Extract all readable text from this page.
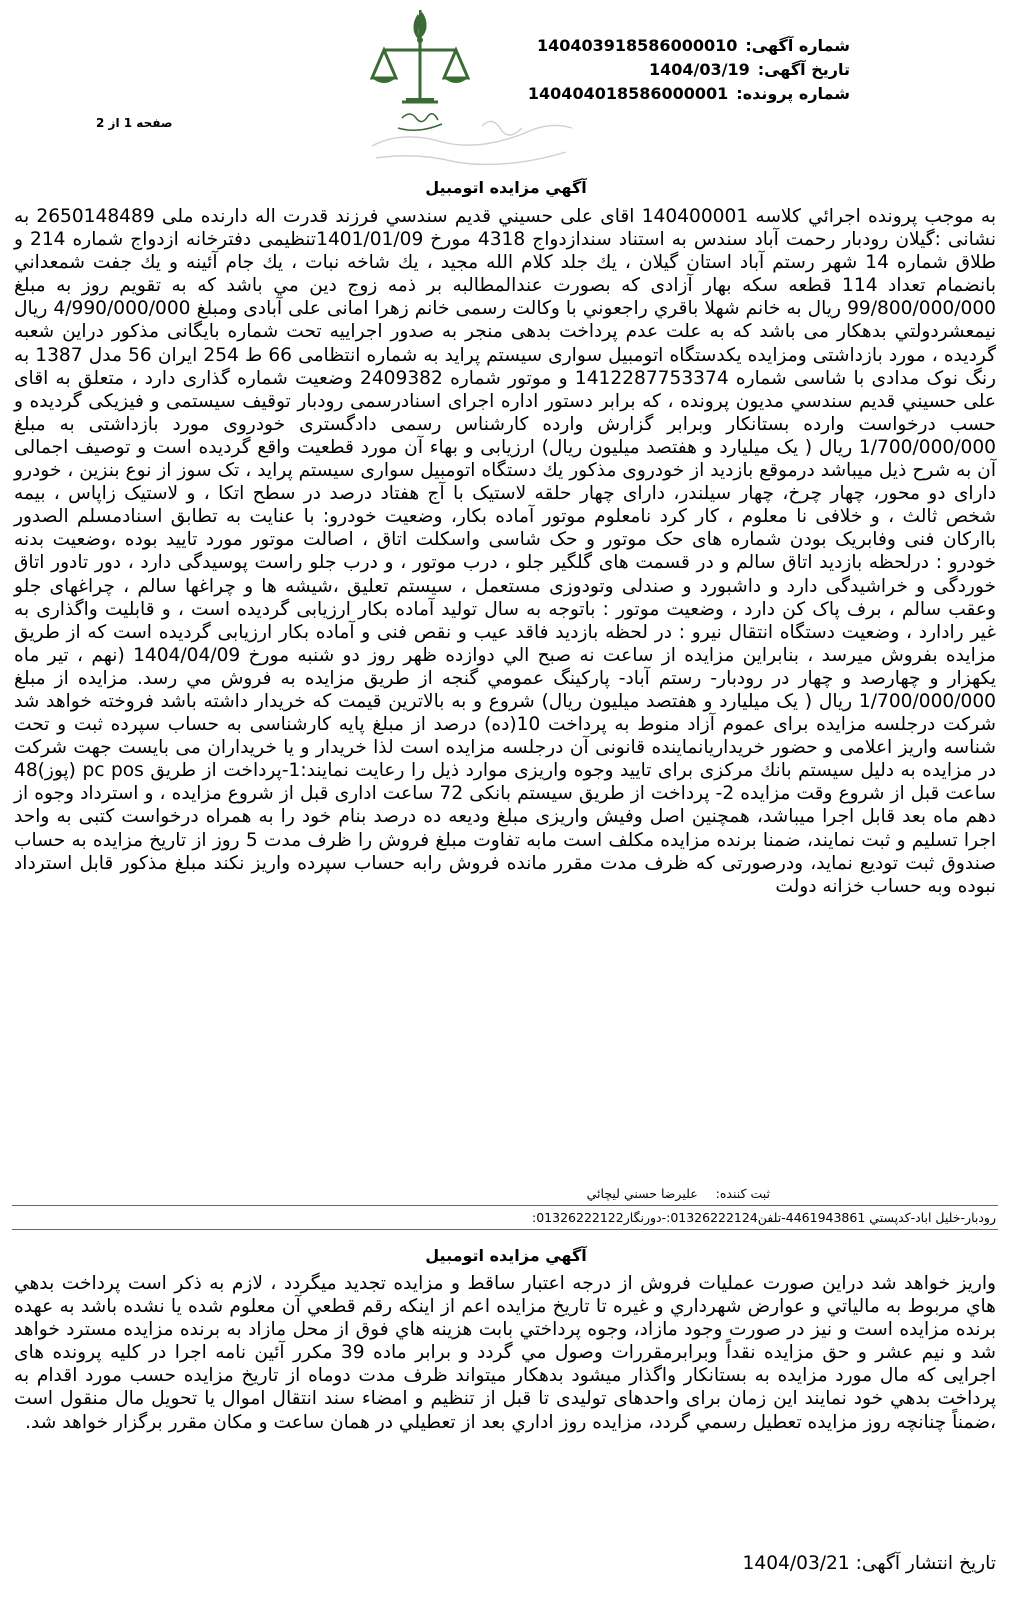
شماره آگهی:
140403918586000010
تاریخ آگهی:
1404/03/19
شماره پرونده:
140404018586000001
صفحه 1 از 2
آگهي مزايده اتومبيل
به موجب پرونده اجرائي كلاسه 140400001 اقاى على حسيني قديم سندسي فرزند قدرت اله دارنده ملی 2650148489 به نشانی :گیلان رودبار رحمت آباد سندس به استناد سندازدواج 4318 مورخ 1401/01/09تنظيمى دفترخانه ازدواج شماره 214 و طلاق شماره 14 شهر رستم آباد استان گيلان ، يك جلد كلام الله مجيد ، يك شاخه نبات ، يك جام آئينه و يك جفت شمعداني بانضمام تعداد 114 قطعه سكه بهار آزادى كه بصورت عندالمطالبه بر ذمه زوج دين مي باشد كه به تقويم روز به مبلغ 99/800/000/000 ريال به خانم شهلا باقري راجعوني با وكالت رسمى خانم زهرا امانى على آبادى ومبلغ 4/990/000/000 ريال نيمعشردولتي بدهكار مى باشد كه به علت عدم پرداخت بدهى منجر به صدور اجراييه تحت شماره بايگانى مذكور دراين شعبه گرديده ، مورد بازداشتی ومزايده يكدستگاه اتومبيل سوارى سيستم پرايد به شماره انتظامى 66 ط 254 ايران 56 مدل 1387 به رنگ نوک مدادی با شاسی شماره 1412287753374 و موتور شماره 2409382 وضعيت شماره گذارى دارد ، متعلق به اقاى على حسيني قديم سندسي مديون پرونده ، كه برابر دستور اداره اجراى اسنادرسمى رودبار توقيف سيستمى و فيزيكى گرديده و حسب درخواست وارده بستانكار وبرابر گزارش وارده كارشناس رسمى دادگسترى خودروى مورد بازداشتى به مبلغ 1/700/000/000 ريال ( يک ميليارد و هفتصد ميليون ريال) ارزيابى و بهاء آن مورد قطعيت واقع گرديده است و توصيف اجمالى آن به شرح ذيل ميباشد درموقع بازديد از خودروى مذكور يك دستگاه اتومبيل سوارى سيستم پرايد ، تک سوز از نوع بنزين ، خودرو دارای دو محور، چهار چرخ، چهار سيلندر، دارای چهار حلقه لاستيک با آج هفتاد درصد در سطح اتکا ، و لاستيک زاپاس ، بيمه شخص ثالث ، و خلافی نا معلوم ، کار کرد نامعلوم موتور آماده بكار، وضعيت خودرو: با عنايت به تطابق اسنادمسلم الصدور باارکان فنی وفابريک بودن شماره های حک موتور و حک شاسی واسکلت اتاق ، اصالت موتور مورد تاييد بوده ،وضعيت بدنه خودرو : درلحظه بازديد اتاق سالم و در قسمت های گلگير جلو ، درب موتور ، و درب جلو راست پوسيدگی دارد ، دور تادور اتاق خوردگی و خراشيدگی دارد و داشبورد و صندلی وتودوزی مستعمل ، سيستم تعليق ،شيشه ها و چراغها سالم ، چراغهای جلو وعقب سالم ، برف پاک کن دارد ، وضعيت موتور : باتوجه به سال توليد آماده بکار ارزيابی گرديده است ، و قابليت واگذاری به غير رادارد ، وضعيت دستگاه انتقال نيرو : در لحظه بازديد فاقد عيب و نقص فنی و آماده بكار ارزيابی گرديده است كه از طريق مزايده بفروش ميرسد ، بنابراين مزايده از ساعت نه صبح الي دوازده ظهر روز دو شنبه مورخ 1404/04/09 (نهم ، تير ماه يكهزار و چهارصد و چهار در رودبار- رستم آباد- پاركينگ عمومي گنجه از طريق مزايده به فروش مي رسد. مزايده از مبلغ 1/700/000/000 ريال ( يک ميليارد و هفتصد ميليون ريال) شروع و به بالاترين قيمت كه خريدار داشته باشد فروخته خواهد شد شركت درجلسه مزايده براى عموم آزاد منوط به پرداخت 10(ده) درصد از مبلغ پايه كارشناسى به حساب سپرده ثبت و تحت شناسه واريز اعلامى و حضور خريداريانماينده قانونى آن درجلسه مزايده است لذا خريدار و يا خريداران مى بايست جهت شركت در مزايده به دليل سيستم بانك مركزى براى تاييد وجوه واريزى موارد ذيل را رعايت نمايند:1-پرداخت از طريق pc pos (پوز)48 ساعت قبل از شروع وقت مزايده 2- پرداخت از طريق سيستم بانكى 72 ساعت ادارى قبل از شروع مزايده ، و استرداد وجوه از دهم ماه بعد قابل اجرا ميباشد، همچنين اصل وفيش واريزى مبلغ وديعه ده درصد بنام خود را به همراه درخواست كتبى به واحد اجرا تسليم و ثبت نمايند، ضمنا برنده مزايده مكلف است مابه تفاوت مبلغ فروش را ظرف مدت 5 روز از تاريخ مزايده به حساب صندوق ثبت توديع نمايد، ودرصورتى كه ظرف مدت مقرر مانده فروش رابه حساب سپرده واريز نكند مبلغ مذكور قابل استرداد نبوده وبه حساب خزانه دولت
ثبت كننده: عليرضا حسني ليچائي
رودبار-خليل اباد-كدپستي 4461943861-تلفن01326222124:-دورنگار01326222122:
آگهي مزايده اتومبيل
واريز خواهد شد دراين صورت عمليات فروش از درجه اعتبار ساقط و مزايده تجديد ميگردد ، لازم به ذكر است پرداخت بدهي هاي مربوط به مالياتي و عوارض شهرداري و غيره تا تاريخ مزايده اعم از اينكه رقم قطعي آن معلوم شده يا نشده باشد به عهده برنده مزايده است و نيز در صورت وجود مازاد، وجوه پرداختي بابت هزينه هاي فوق از محل مازاد به برنده مزايده مسترد خواهد شد و نيم عشر و حق مزايده نقداً وبرابرمقررات وصول مي گردد و برابر ماده 39 مكرر آئين نامه اجرا در كليه پرونده هاى اجرايى كه مال مورد مزايده به بستانكار واگذار ميشود بدهكار ميتواند ظرف مدت دوماه از تاريخ مزايده حسب مورد اقدام به پرداخت بدهي خود نمايند اين زمان براى واحدهاى توليدى تا قبل از تنظيم و امضاء سند انتقال اموال يا تحويل مال منقول است ،ضمناً چنانچه روز مزايده تعطيل رسمي گردد، مزايده روز اداري بعد از تعطيلي در همان ساعت و مكان مقرر برگزار خواهد شد.
تاريخ انتشار آگهی: 1404/03/21
